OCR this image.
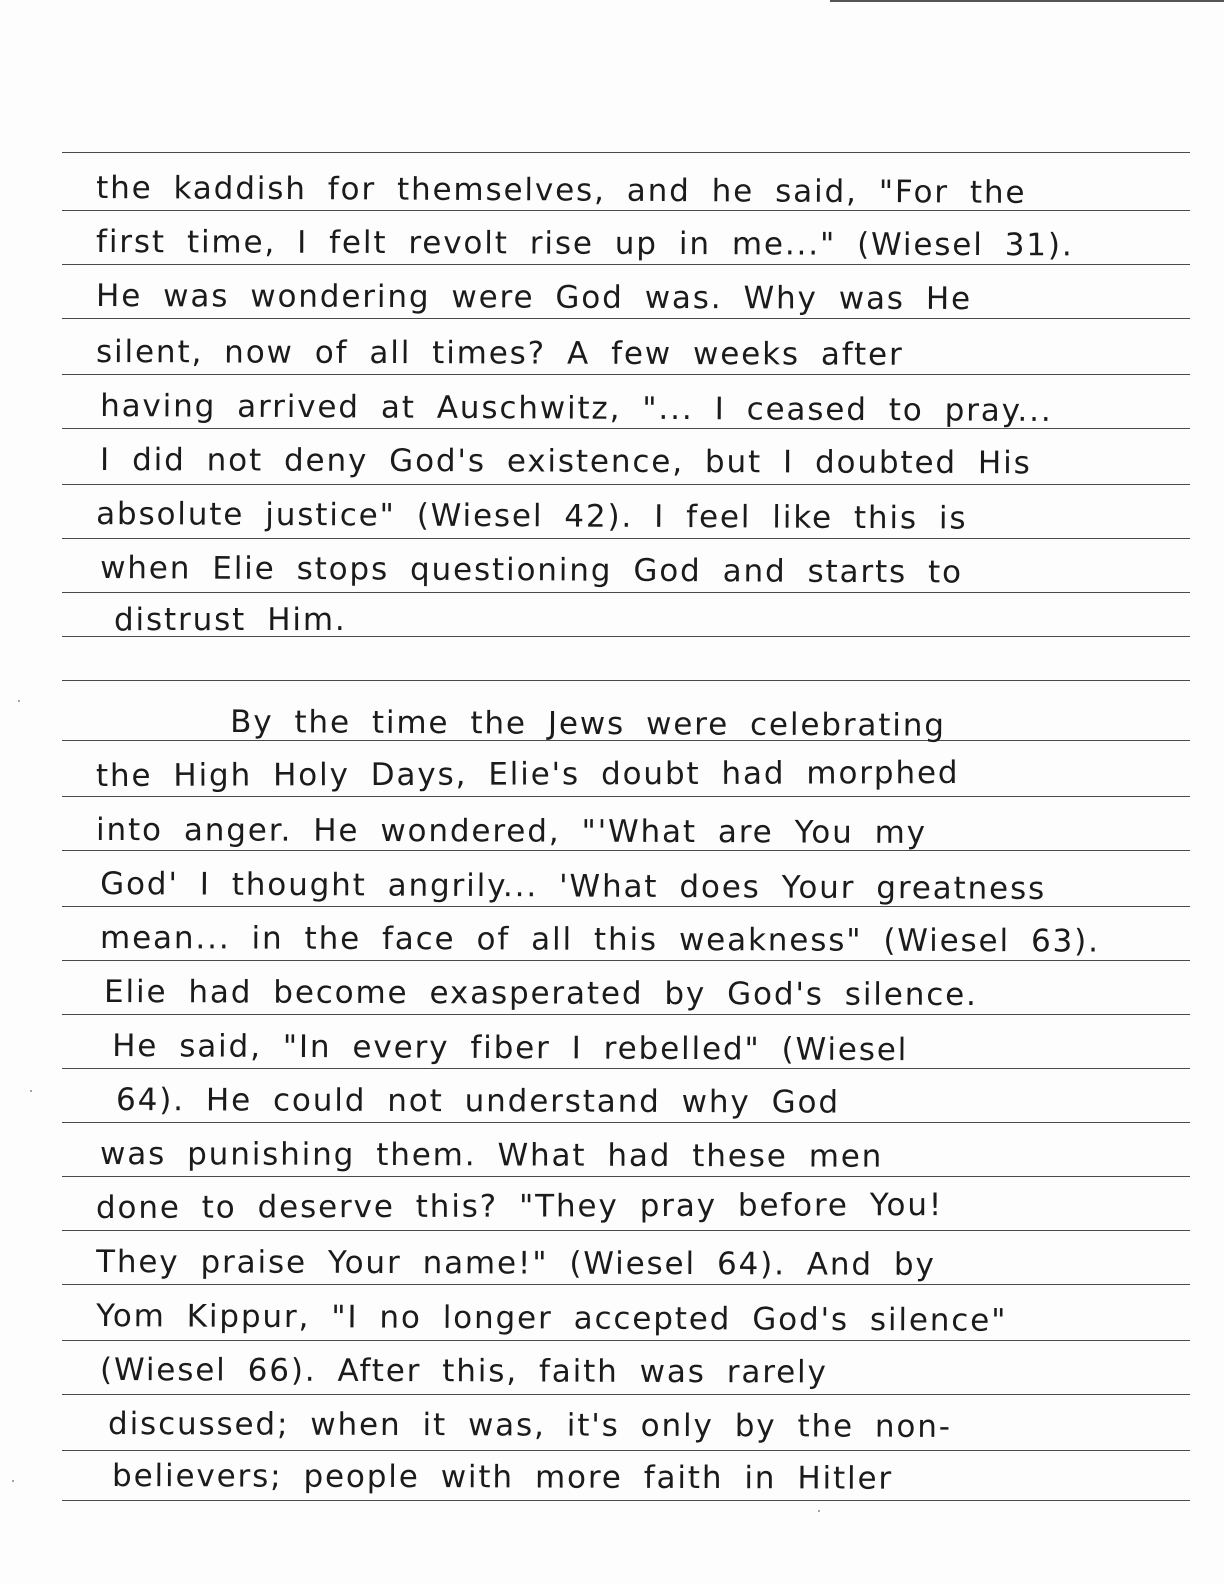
the kaddish for themselves, and he said, "For the
first time, I felt revolt rise up in me..." (Wiesel 31).
He was wondering were God was. Why was He
silent, now of all times? A few weeks after
having arrived at Auschwitz, "... I ceased to pray...
I did not deny God's existence, but I doubted His
absolute justice" (Wiesel 42). I feel like this is
when Elie stops questioning God and starts to
distrust Him.
By the time the Jews were celebrating
the High Holy Days, Elie's doubt had morphed
into anger. He wondered, "'What are You my
God' I thought angrily... 'What does Your greatness
mean... in the face of all this weakness" (Wiesel 63).
Elie had become exasperated by God's silence.
He said, "In every fiber I rebelled" (Wiesel
64). He could not understand why God
was punishing them. What had these men
done to deserve this? "They pray before You!
They praise Your name!" (Wiesel 64). And by
Yom Kippur, "I no longer accepted God's silence"
(Wiesel 66). After this, faith was rarely
discussed; when it was, it's only by the non-
believers; people with more faith in Hitler
